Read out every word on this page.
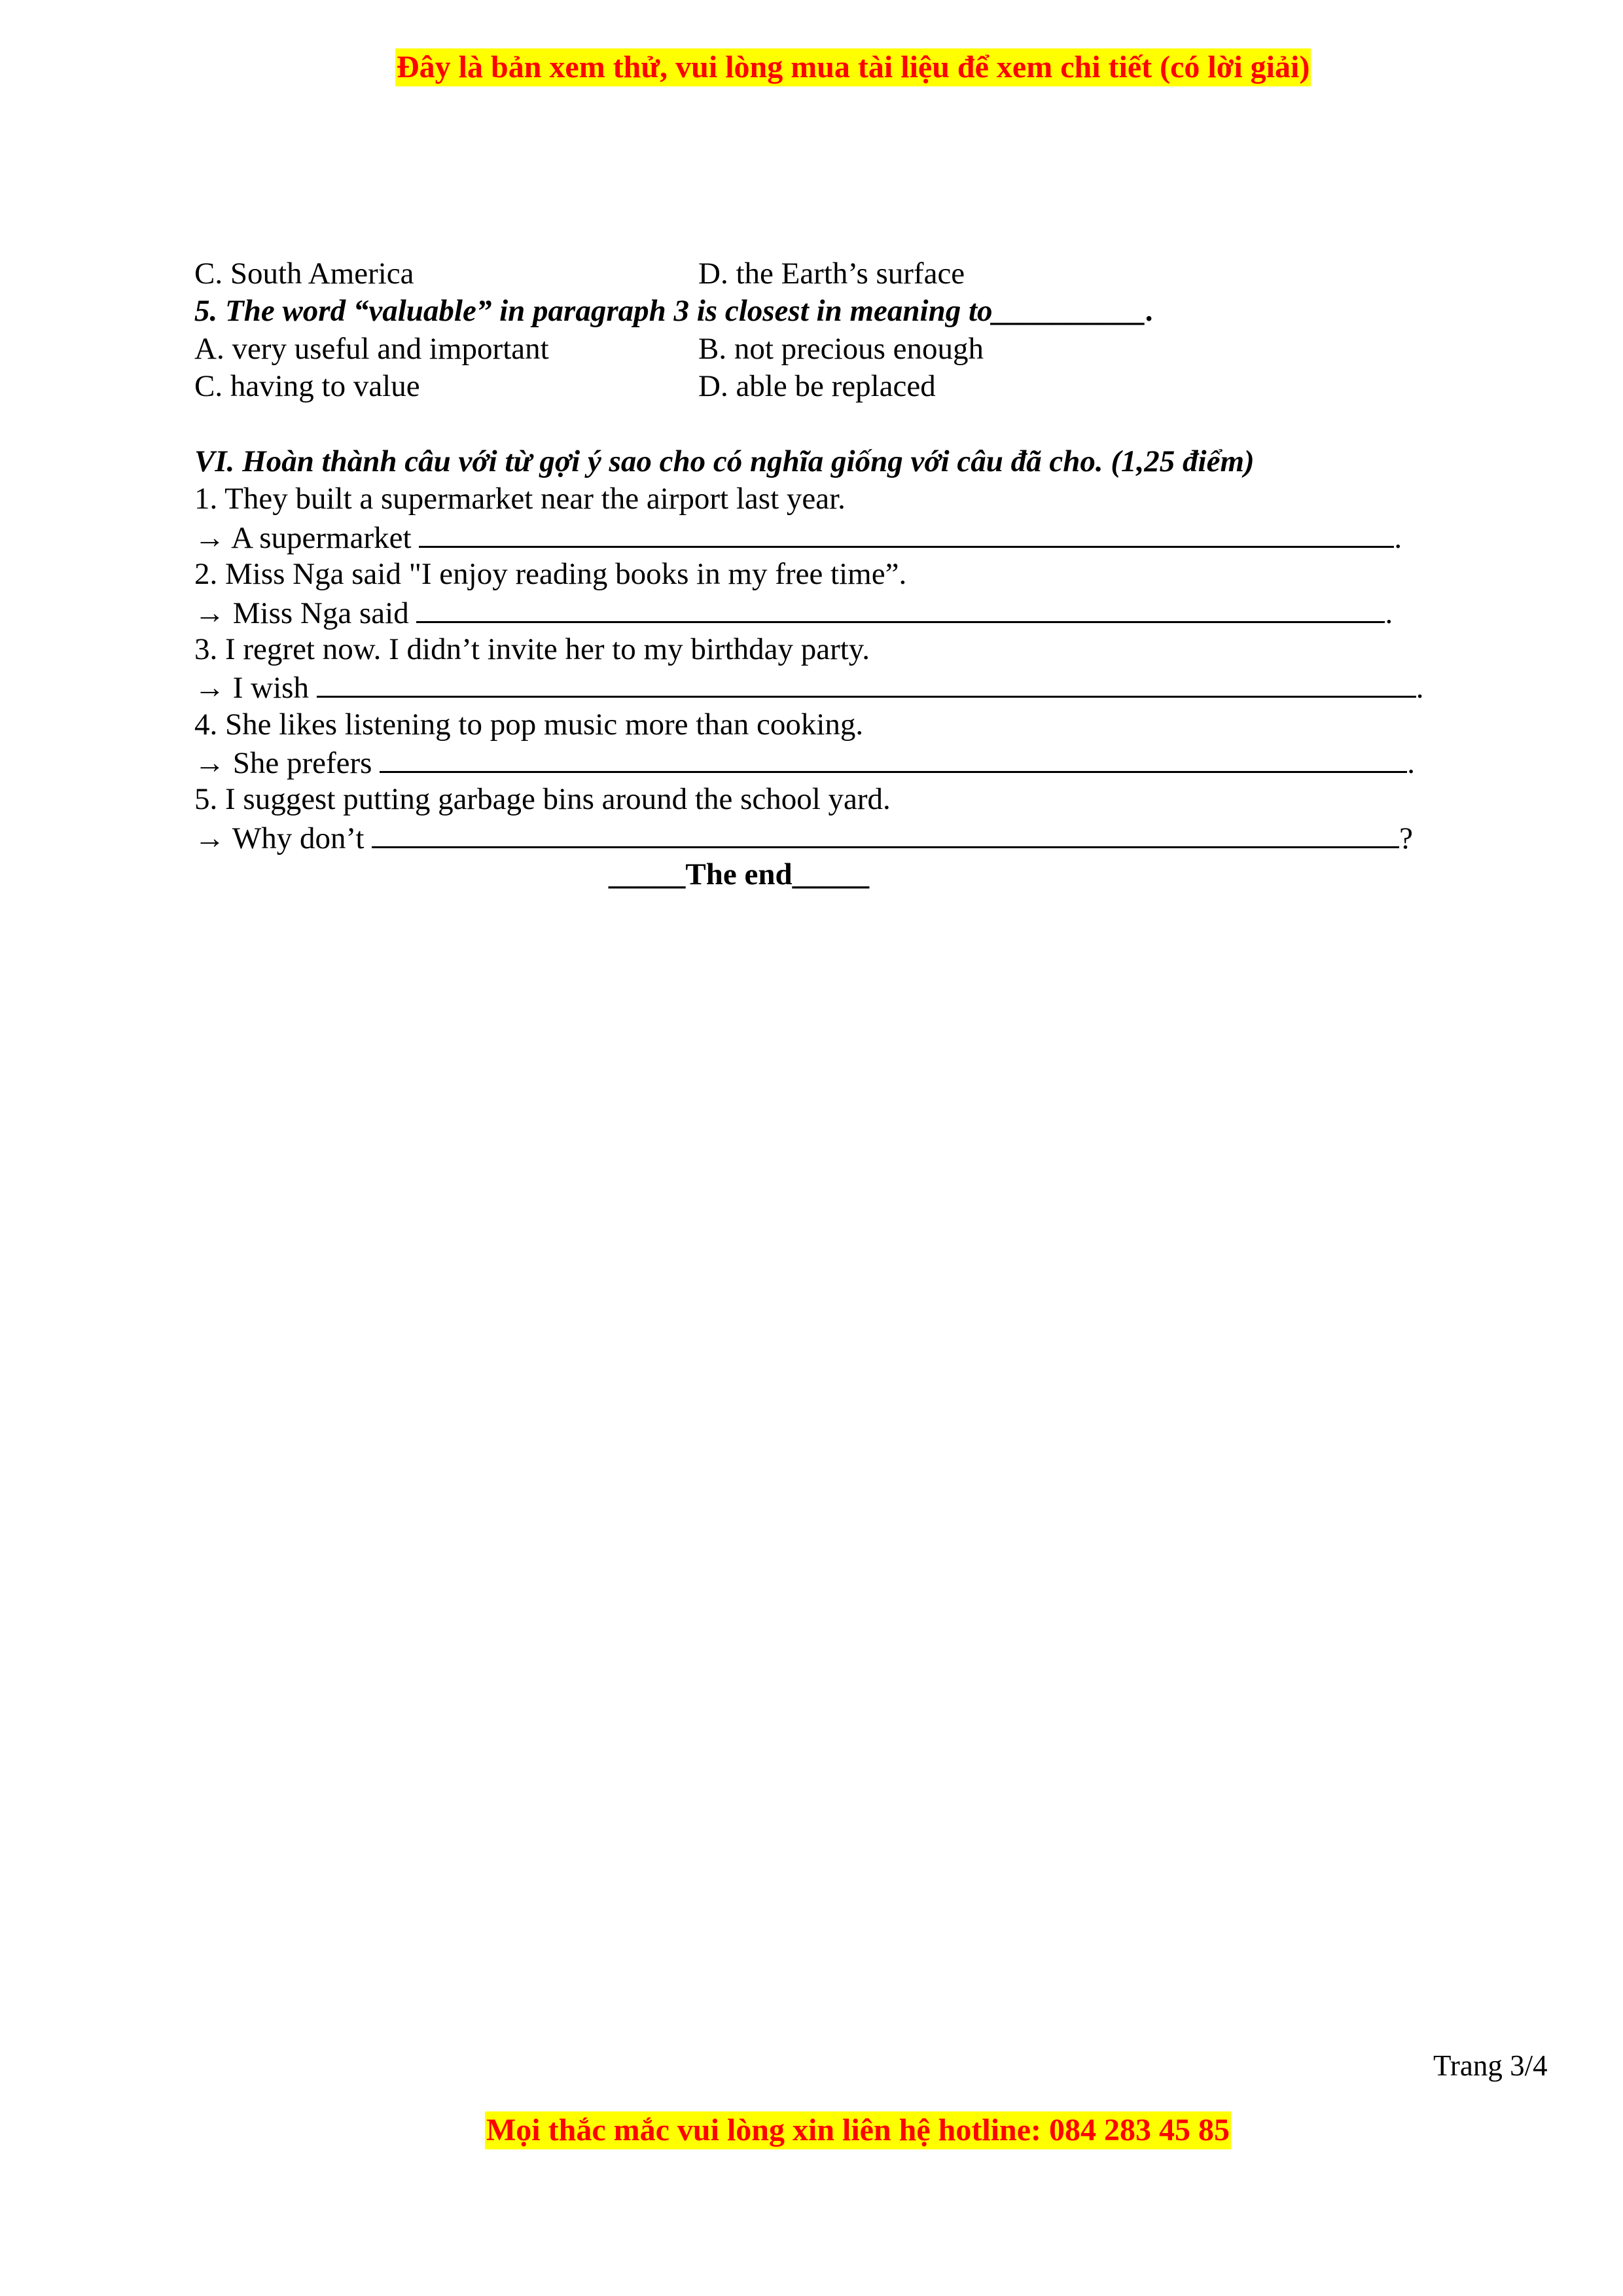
Đây là bản xem thử, vui lòng mua tài liệu để xem chi tiết (có lời giải)
C. South America	D. the Earth’s surface
5. The word “valuable” in paragraph 3 is closest in meaning to__________.
A. very useful and important	B. not precious enough
C. having to value	D. able be replaced
VI. Hoàn thành câu với từ gợi ý sao cho có nghĩa giống với câu đã cho. (1,25 điểm)
1. They built a supermarket near the airport last year.
→ A supermarket	.
2. Miss Nga said "I enjoy reading books in my free time”.
→ Miss Nga said	.
3. I regret now. I didn’t invite her to my birthday party.
→ I wish	.
4. She likes listening to pop music more than cooking.
→ She prefers	.
5. I suggest putting garbage bins around the school yard.
→ Why don’t	?
_____The end_____
Trang 3/4
Mọi thắc mắc vui lòng xin liên hệ hotline: 084 283 45 85
